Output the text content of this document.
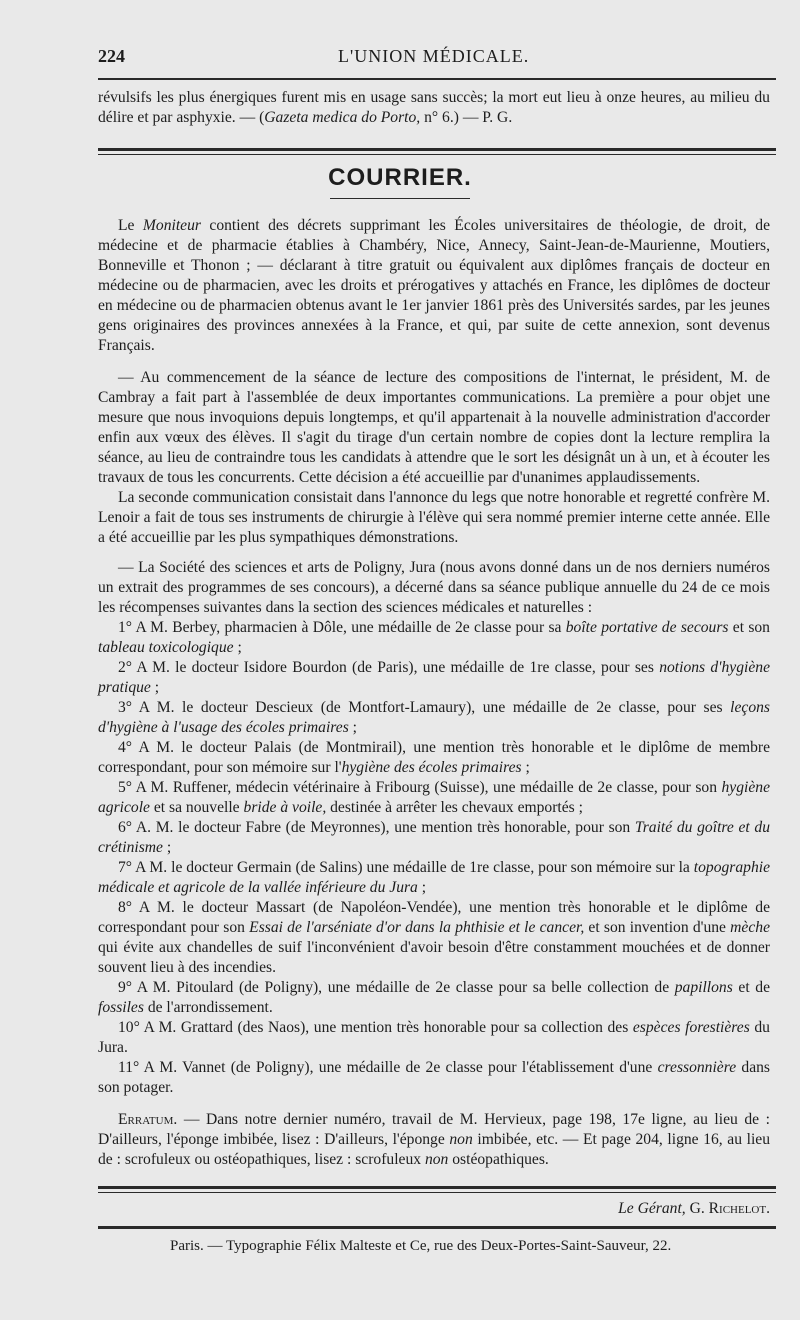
224	L'UNION MÉDICALE.

révulsifs les plus énergiques furent mis en usage sans succès; la mort eut lieu à onze heures, au milieu du délire et par asphyxie. — (Gazeta medica do Porto, n° 6.) — P. G.

COURRIER.

Le Moniteur contient des décrets supprimant les Écoles universitaires de théologie, de droit, de médecine et de pharmacie établies à Chambéry, Nice, Annecy, Saint-Jean-de-Maurienne, Moutiers, Bonneville et Thonon ; — déclarant à titre gratuit ou équivalent aux diplômes français de docteur en médecine ou de pharmacien, avec les droits et prérogatives y attachés en France, les diplômes de docteur en médecine ou de pharmacien obtenus avant le 1er janvier 1861 près des Universités sardes, par les jeunes gens originaires des provinces annexées à la France, et qui, par suite de cette annexion, sont devenus Français.

— Au commencement de la séance de lecture des compositions de l'internat, le président, M. de Cambray a fait part à l'assemblée de deux importantes communications. La première a pour objet une mesure que nous invoquions depuis longtemps, et qu'il appartenait à la nouvelle administration d'accorder enfin aux vœux des élèves. Il s'agit du tirage d'un certain nombre de copies dont la lecture remplira la séance, au lieu de contraindre tous les candidats à attendre que le sort les désignât un à un, et à écouter les travaux de tous les concurrents. Cette décision a été accueillie par d'unanimes applaudissements.

La seconde communication consistait dans l'annonce du legs que notre honorable et regretté confrère M. Lenoir a fait de tous ses instruments de chirurgie à l'élève qui sera nommé premier interne cette année. Elle a été accueillie par les plus sympathiques démonstrations.

— La Société des sciences et arts de Poligny, Jura (nous avons donné dans un de nos derniers numéros un extrait des programmes de ses concours), a décerné dans sa séance publique annuelle du 24 de ce mois les récompenses suivantes dans la section des sciences médicales et naturelles :

1° A M. Berbey, pharmacien à Dôle, une médaille de 2e classe pour sa boîte portative de secours et son tableau toxicologique ;

2° A M. le docteur Isidore Bourdon (de Paris), une médaille de 1re classe, pour ses notions d'hygiène pratique ;

3° A M. le docteur Descieux (de Montfort-Lamaury), une médaille de 2e classe, pour ses leçons d'hygiène à l'usage des écoles primaires ;

4° A M. le docteur Palais (de Montmirail), une mention très honorable et le diplôme de membre correspondant, pour son mémoire sur l'hygiène des écoles primaires ;

5° A M. Ruffener, médecin vétérinaire à Fribourg (Suisse), une médaille de 2e classe, pour son hygiène agricole et sa nouvelle bride à voile, destinée à arrêter les chevaux emportés ;

6° A. M. le docteur Fabre (de Meyronnes), une mention très honorable, pour son Traité du goître et du crétinisme ;

7° A M. le docteur Germain (de Salins) une médaille de 1re classe, pour son mémoire sur la topographie médicale et agricole de la vallée inférieure du Jura ;

8° A M. le docteur Massart (de Napoléon-Vendée), une mention très honorable et le diplôme de correspondant pour son Essai de l'arséniate d'or dans la phthisie et le cancer, et son invention d'une mèche qui évite aux chandelles de suif l'inconvénient d'avoir besoin d'être constamment mouchées et de donner souvent lieu à des incendies.

9° A M. Pitoulard (de Poligny), une médaille de 2e classe pour sa belle collection de papillons et de fossiles de l'arrondissement.

10° A M. Grattard (des Naos), une mention très honorable pour sa collection des espèces forestières du Jura.

11° A M. Vannet (de Poligny), une médaille de 2e classe pour l'établissement d'une cressonnière dans son potager.

Erratum. — Dans notre dernier numéro, travail de M. Hervieux, page 198, 17e ligne, au lieu de : D'ailleurs, l'éponge imbibée, lisez : D'ailleurs, l'éponge non imbibée, etc. — Et page 204, ligne 16, au lieu de : scrofuleux ou ostéopathiques, lisez : scrofuleux non ostéopathiques.

Le Gérant, G. Richelot.
Paris. — Typographie Félix Malteste et Ce, rue des Deux-Portes-Saint-Sauveur, 22.
